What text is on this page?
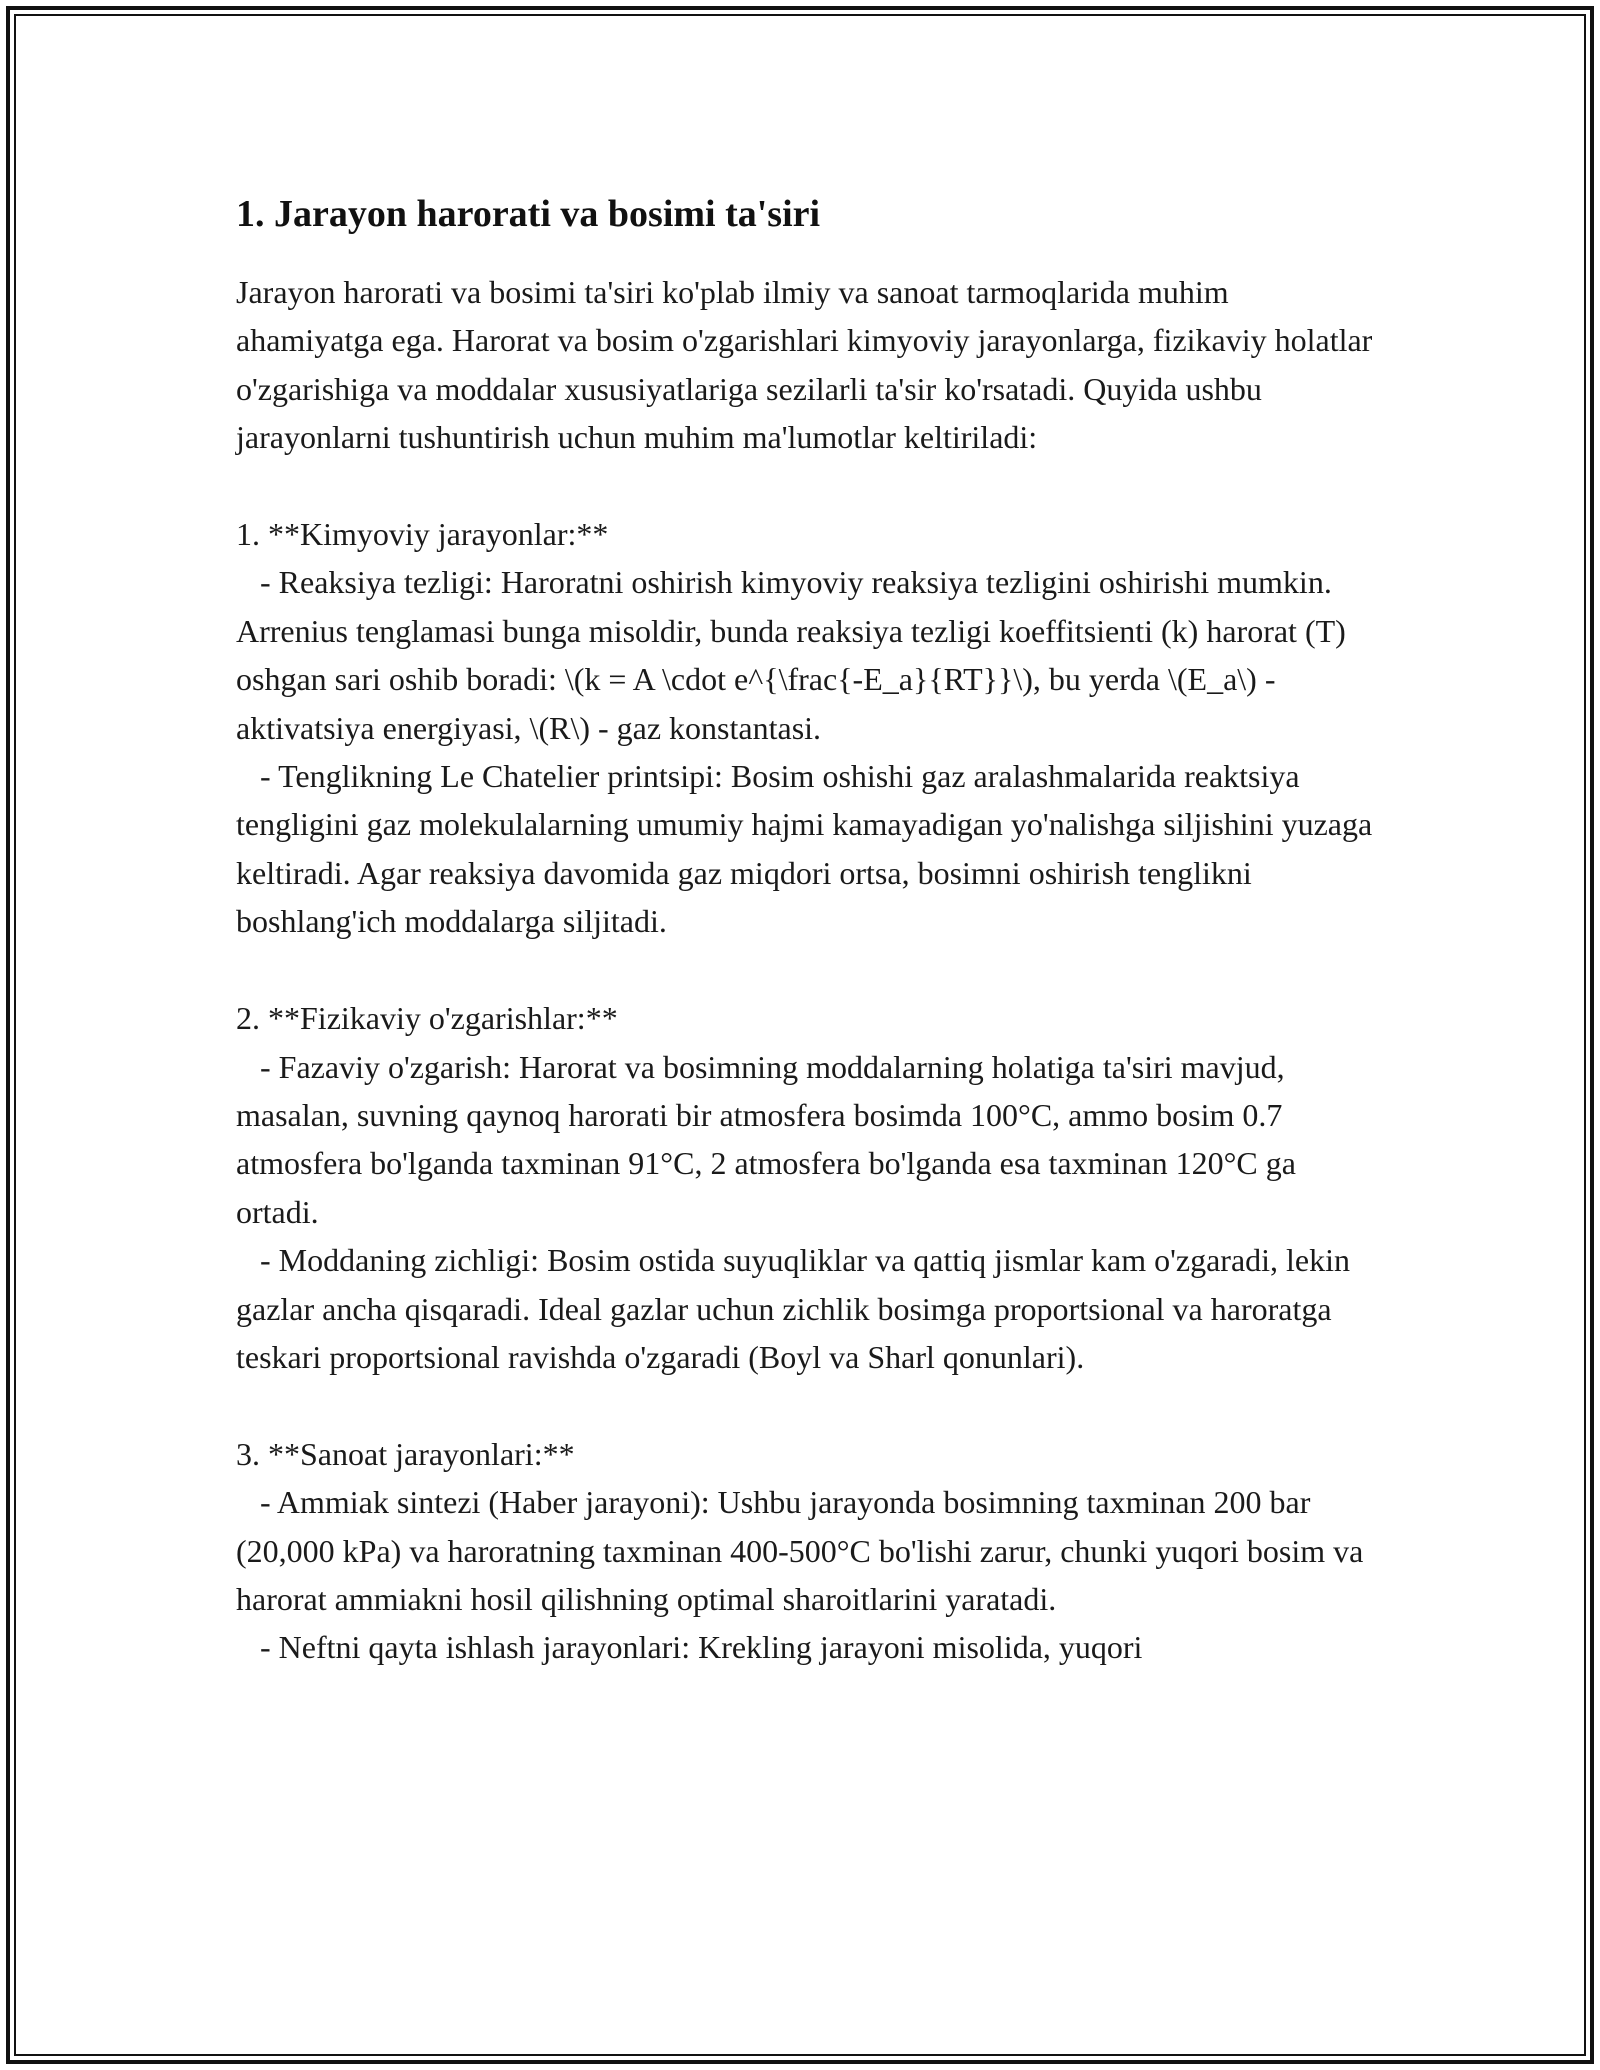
1. Jarayon harorati va bosimi ta'siri

Jarayon harorati va bosimi ta'siri ko'plab ilmiy va sanoat tarmoqlarida muhim ahamiyatga ega. Harorat va bosim o'zgarishlari kimyoviy jarayonlarga, fizikaviy holatlar o'zgarishiga va moddalar xususiyatlariga sezilarli ta'sir ko'rsatadi. Quyida ushbu jarayonlarni tushuntirish uchun muhim ma'lumotlar keltiriladi:

1. **Kimyoviy jarayonlar:**
- Reaksiya tezligi: Haroratni oshirish kimyoviy reaksiya tezligini oshirishi mumkin. Arrenius tenglamasi bunga misoldir, bunda reaksiya tezligi koeffitsienti (k) harorat (T) oshgan sari oshib boradi: \(k = A \cdot e^{\frac{-E_a}{RT}}\), bu yerda \(E_a\) - aktivatsiya energiyasi, \(R\) - gaz konstantasi.
- Tenglikning Le Chatelier printsipi: Bosim oshishi gaz aralashmalarida reaktsiya tengligini gaz molekulalarning umumiy hajmi kamayadigan yo'nalishga siljishini yuzaga keltiradi. Agar reaksiya davomida gaz miqdori ortsa, bosimni oshirish tenglikni boshlang'ich moddalarga siljitadi.

2. **Fizikaviy o'zgarishlar:**
- Fazaviy o'zgarish: Harorat va bosimning moddalarning holatiga ta'siri mavjud, masalan, suvning qaynoq harorati bir atmosfera bosimda 100°C, ammo bosim 0.7 atmosfera bo'lganda taxminan 91°C, 2 atmosfera bo'lganda esa taxminan 120°C ga ortadi.
- Moddaning zichligi: Bosim ostida suyuqliklar va qattiq jismlar kam o'zgaradi, lekin gazlar ancha qisqaradi. Ideal gazlar uchun zichlik bosimga proportsional va haroratga teskari proportsional ravishda o'zgaradi (Boyl va Sharl qonunlari).

3. **Sanoat jarayonlari:**
- Ammiak sintezi (Haber jarayoni): Ushbu jarayonda bosimning taxminan 200 bar (20,000 kPa) va haroratning taxminan 400-500°C bo'lishi zarur, chunki yuqori bosim va harorat ammiakni hosil qilishning optimal sharoitlarini yaratadi.
- Neftni qayta ishlash jarayonlari: Krekling jarayoni misolida, yuqori
